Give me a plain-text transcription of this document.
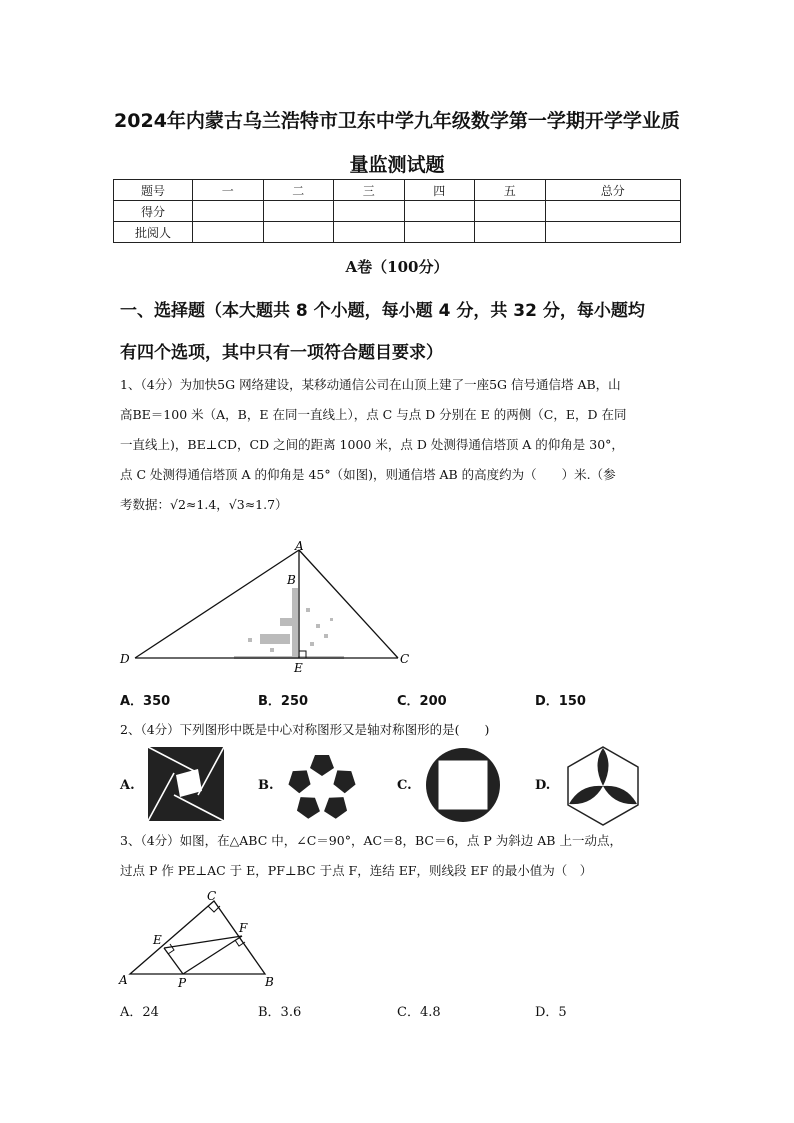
2024年内蒙古乌兰浩特市卫东中学九年级数学第一学期开学学业质
量监测试题
题号	一	二	三	四	五	总分
得分						
批阅人						
A卷（100分）
一、选择题（本大题共 8 个小题，每小题 4 分，共 32 分，每小题均
有四个选项，其中只有一项符合题目要求）
1、（4分）为加快5G 网络建设，某移动通信公司在山顶上建了一座5G 信号通信塔 AB，山
高BE＝100 米（A，B，E 在同一直线上），点 C 与点 D 分别在 E 的两侧（C，E，D 在同
一直线上)，BE⊥CD，CD 之间的距离 1000 米，点 D 处测得通信塔顶 A 的仰角是 30°，
点 C 处测得通信塔顶 A 的仰角是 45°（如图)，则通信塔 AB 的高度约为（　　）米.（参
考数据：√2≈1.4，√3≈1.7）
A
B
D	C
E
A．350	B．250	C．200	D．150
2、（4分）下列图形中既是中心对称图形又是轴对称图形的是(　　)
A.	B.	C.	D.
3、（4分）如图，在△ABC 中，∠C＝90°，AC＝8，BC＝6，点 P 为斜边 AB 上一动点，
过点 P 作 PE⊥AC 于 E，PF⊥BC 于点 F，连结 EF，则线段 EF 的最小值为（　）
C
E
F
A	P	B
A．24	B．3.6	C．4.8	D．5
